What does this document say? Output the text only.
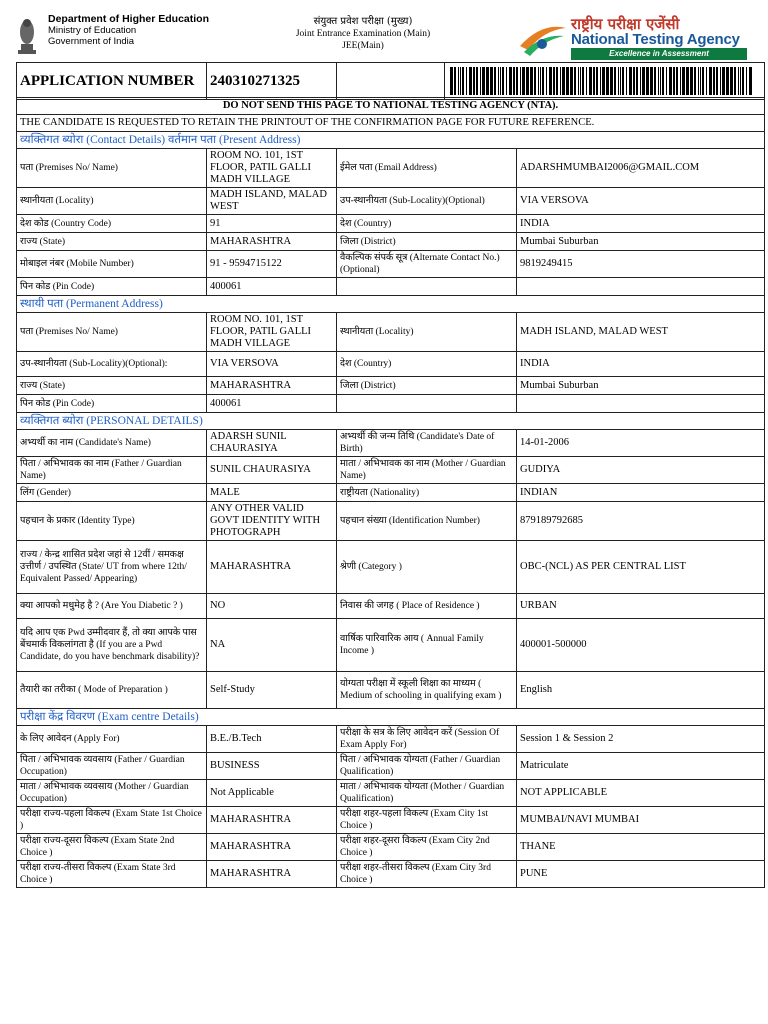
Department of Higher Education
Ministry of Education
Government of India
संयुक्त प्रवेश परीक्षा (मुख्य)
Joint Entrance Examination (Main)
JEE(Main)
राष्ट्रीय परीक्षा एजेंसी
National Testing Agency
Excellence in Assessment
APPLICATION NUMBER	240310271325		
DO NOT SEND THIS PAGE TO NATIONAL TESTING AGENCY (NTA).			
THE CANDIDATE IS REQUESTED TO RETAIN THE PRINTOUT OF THE CONFIRMATION PAGE FOR FUTURE REFERENCE.			
व्यक्तिगत ब्योरा (Contact Details) वर्तमान पता (Present Address)			
पता (Premises No/ Name)	ROOM NO. 101, 1ST FLOOR, PATIL GALLI MADH VILLAGE	ईमेल पता (Email Address)	ADARSHMUMBAI2006@GMAIL.COM
स्थानीयता (Locality)	MADH ISLAND, MALAD WEST	उप-स्थानीयता (Sub-Locality)(Optional)	VIA VERSOVA
देश कोड (Country Code)	91	देश (Country)	INDIA
राज्य (State)	MAHARASHTRA	जिला (District)	Mumbai Suburban
मोबाइल नंबर (Mobile Number)	91 - 9594715122	वैकल्पिक संपर्क सूत्र (Alternate Contact No.) (Optional)	9819249415
पिन कोड (Pin Code)	400061		
स्थायी पता (Permanent Address)			
पता (Premises No/ Name)	ROOM NO. 101, 1ST FLOOR, PATIL GALLI MADH VILLAGE	स्थानीयता (Locality)	MADH ISLAND, MALAD WEST
उप-स्थानीयता (Sub-Locality)(Optional):	VIA VERSOVA	देश (Country)	INDIA
राज्य (State)	MAHARASHTRA	जिला (District)	Mumbai Suburban
पिन कोड (Pin Code)	400061		
व्यक्तिगत ब्योरा (PERSONAL DETAILS)			
अभ्यर्थी का नाम (Candidate's Name)	ADARSH SUNIL CHAURASIYA	अभ्यर्थी की जन्म तिथि (Candidate's Date of Birth)	14-01-2006
पिता / अभिभावक का नाम (Father / Guardian Name)	SUNIL CHAURASIYA	माता / अभिभावक का नाम (Mother / Guardian Name)	GUDIYA
लिंग (Gender)	MALE	राष्ट्रीयता (Nationality)	INDIAN
पहचान के प्रकार (Identity Type)	ANY OTHER VALID GOVT IDENTITY WITH PHOTOGRAPH	पहचान संख्या (Identification Number)	879189792685
राज्य / केन्द्र शासित प्रदेश जहां से 12वीं / समकक्ष उत्तीर्ण / उपस्थित (State/ UT from where 12th/ Equivalent Passed/ Appearing)	MAHARASHTRA	श्रेणी (Category )	OBC-(NCL) AS PER CENTRAL LIST
क्या आपको मधुमेह है ? (Are You Diabetic ? )	NO	निवास की जगह ( Place of Residence )	URBAN
यदि आप एक Pwd उम्मीदवार हैं, तो क्या आपके पास बेंचमार्क विकलांगता है (If you are a Pwd Candidate, do you have benchmark disability)?	NA	वार्षिक पारिवारिक आय ( Annual Family Income )	400001-500000
तैयारी का तरीका ( Mode of Preparation )	Self-Study	योग्यता परीक्षा में स्कूली शिक्षा का माध्यम ( Medium of schooling in qualifying exam )	English
परीक्षा केंद्र विवरण (Exam centre Details)			
के लिए आवेदन (Apply For)	B.E./B.Tech	परीक्षा के सत्र के लिए आवेदन करें (Session Of Exam Apply For)	Session 1 & Session 2
पिता / अभिभावक व्यवसाय (Father / Guardian Occupation)	BUSINESS	पिता / अभिभावक योग्यता (Father / Guardian Qualification)	Matriculate
माता / अभिभावक व्यवसाय (Mother / Guardian Occupation)	Not Applicable	माता / अभिभावक योग्यता (Mother / Guardian Qualification)	NOT APPLICABLE
परीक्षा राज्य-पहला विकल्प (Exam State 1st Choice )	MAHARASHTRA	परीक्षा शहर-पहला विकल्प (Exam City 1st Choice )	MUMBAI/NAVI MUMBAI
परीक्षा राज्य-दूसरा विकल्प (Exam State 2nd Choice )	MAHARASHTRA	परीक्षा शहर-दूसरा विकल्प (Exam City 2nd Choice )	THANE
परीक्षा राज्य-तीसरा विकल्प (Exam State 3rd Choice )	MAHARASHTRA	परीक्षा शहर-तीसरा विकल्प (Exam City 3rd Choice )	PUNE
